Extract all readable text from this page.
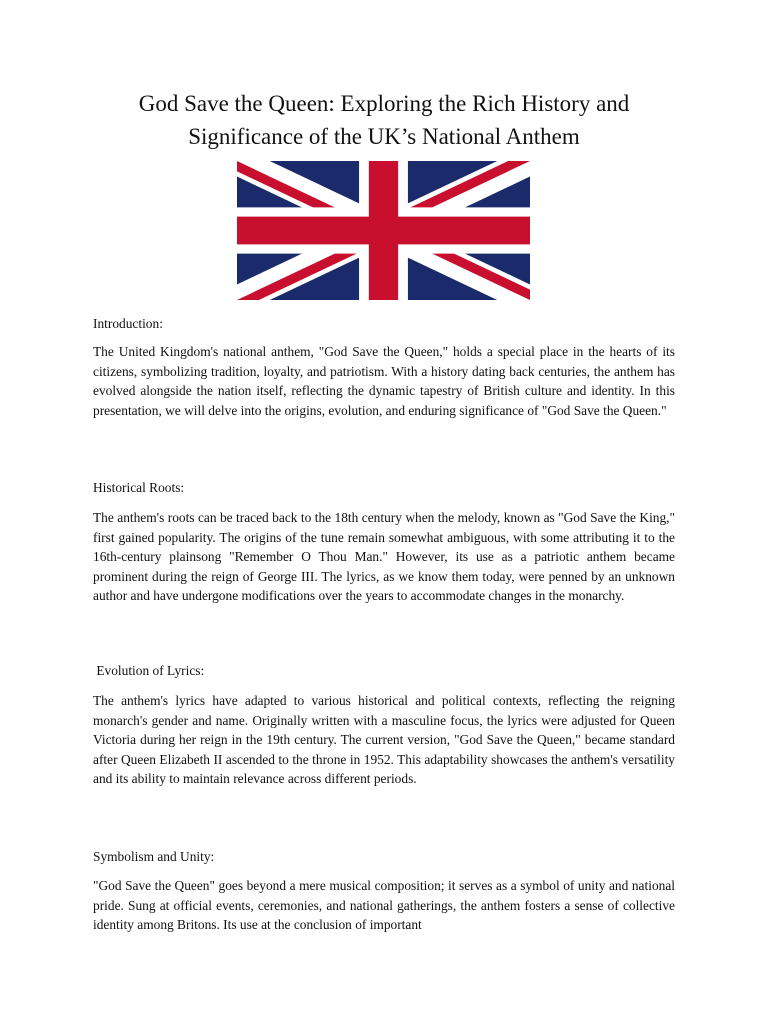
God Save the Queen: Exploring the Rich History and
Significance of the UK’s National Anthem

Introduction:

The United Kingdom's national anthem, "God Save the Queen," holds a special place in the hearts of its citizens, symbolizing tradition, loyalty, and patriotism. With a history dating back centuries, the anthem has evolved alongside the nation itself, reflecting the dynamic tapestry of British culture and identity. In this presentation, we will delve into the origins, evolution, and enduring significance of "God Save the Queen."

Historical Roots:

The anthem's roots can be traced back to the 18th century when the melody, known as "God Save the King," first gained popularity. The origins of the tune remain somewhat ambiguous, with some attributing it to the 16th-century plainsong "Remember O Thou Man." However, its use as a patriotic anthem became prominent during the reign of George III. The lyrics, as we know them today, were penned by an unknown author and have undergone modifications over the years to accommodate changes in the monarchy.

Evolution of Lyrics:

The anthem's lyrics have adapted to various historical and political contexts, reflecting the reigning monarch's gender and name. Originally written with a masculine focus, the lyrics were adjusted for Queen Victoria during her reign in the 19th century. The current version, "God Save the Queen," became standard after Queen Elizabeth II ascended to the throne in 1952. This adaptability showcases the anthem's versatility and its ability to maintain relevance across different periods.

Symbolism and Unity:

"God Save the Queen" goes beyond a mere musical composition; it serves as a symbol of unity and national pride. Sung at official events, ceremonies, and national gatherings, the anthem fosters a sense of collective identity among Britons. Its use at the conclusion of important
